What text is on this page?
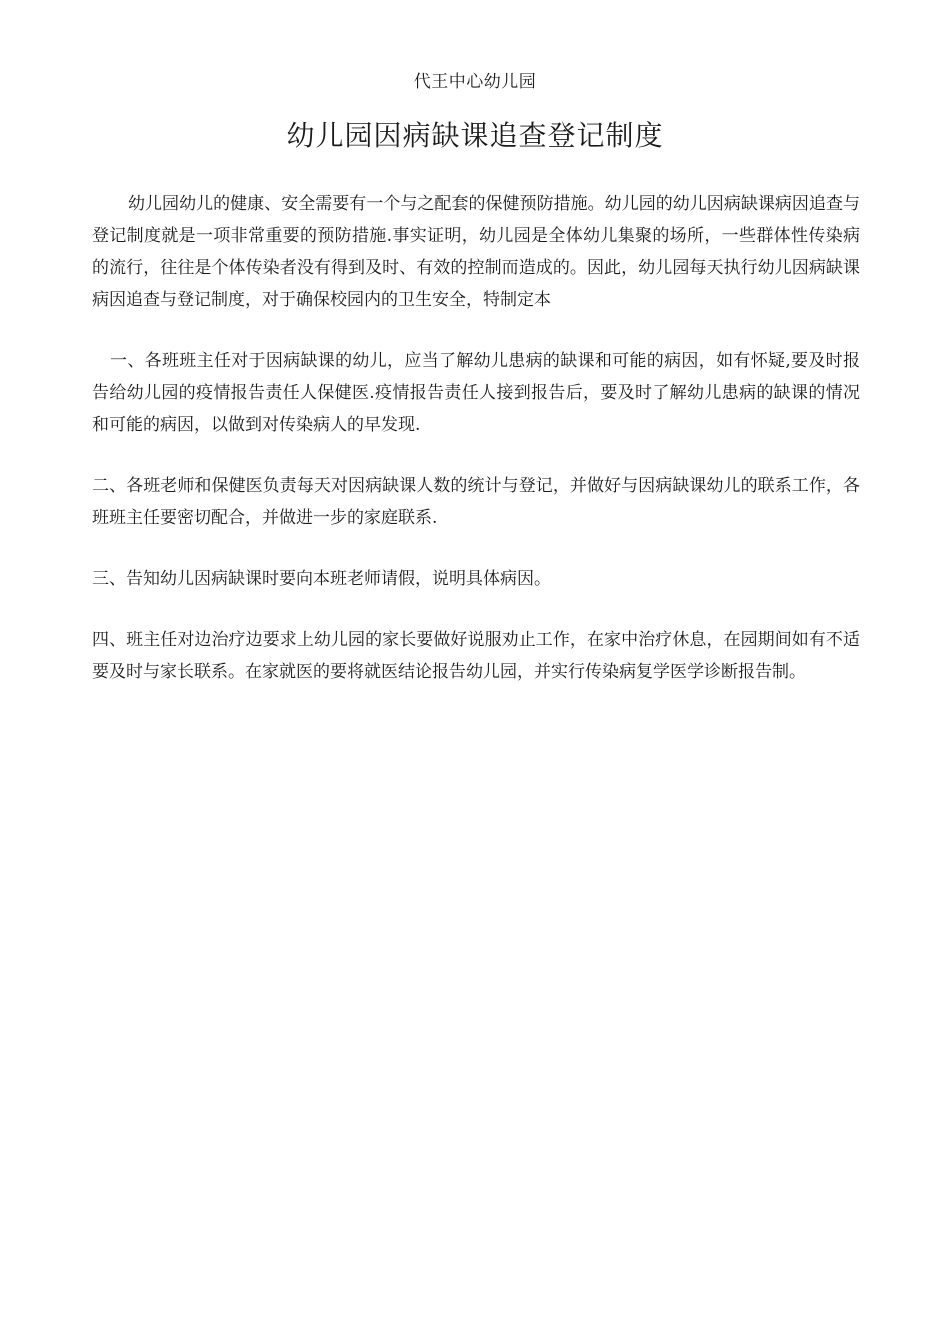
代王中心幼儿园
幼儿园因病缺课追查登记制度

幼儿园幼儿的健康、安全需要有一个与之配套的保健预防措施。幼儿园的幼儿因病缺课病因追查与登记制度就是一项非常重要的预防措施.事实证明，幼儿园是全体幼儿集聚的场所，一些群体性传染病的流行，往往是个体传染者没有得到及时、有效的控制而造成的。因此，幼儿园每天执行幼儿因病缺课病因追查与登记制度，对于确保校园内的卫生安全，特制定本

一、各班班主任对于因病缺课的幼儿，应当了解幼儿患病的缺课和可能的病因，如有怀疑,要及时报告给幼儿园的疫情报告责任人保健医.疫情报告责任人接到报告后，要及时了解幼儿患病的缺课的情况和可能的病因，以做到对传染病人的早发现.

二、各班老师和保健医负责每天对因病缺课人数的统计与登记，并做好与因病缺课幼儿的联系工作，各班班主任要密切配合，并做进一步的家庭联系.

三、告知幼儿因病缺课时要向本班老师请假，说明具体病因。

四、班主任对边治疗边要求上幼儿园的家长要做好说服劝止工作，在家中治疗休息，在园期间如有不适要及时与家长联系。在家就医的要将就医结论报告幼儿园，并实行传染病复学医学诊断报告制。
